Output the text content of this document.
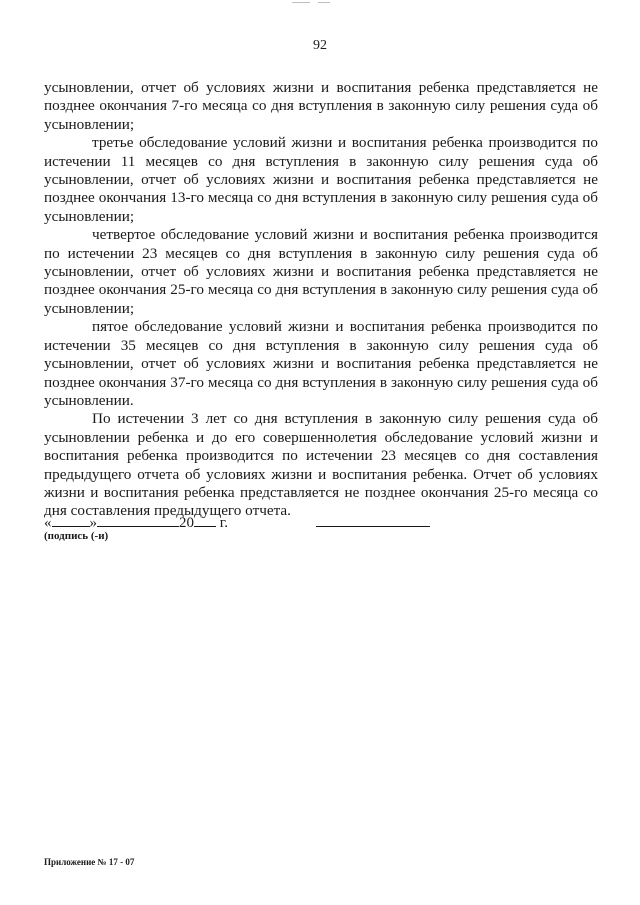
92

усыновлении, отчет об условиях жизни и воспитания ребенка представляется не позднее окончания 7-го месяца со дня вступления в законную силу решения суда об усыновлении;

третье обследование условий жизни и воспитания ребенка производится по истечении 11 месяцев со дня вступления в законную силу решения суда об усыновлении, отчет об условиях жизни и воспитания ребенка представляется не позднее окончания 13-го месяца со дня вступления в законную силу решения суда об усыновлении;

четвертое обследование условий жизни и воспитания ребенка производится по истечении 23 месяцев со дня вступления в законную силу решения суда об усыновлении, отчет об условиях жизни и воспитания ребенка представляется не позднее окончания 25-го месяца со дня вступления в законную силу решения суда об усыновлении;

пятое обследование условий жизни и воспитания ребенка производится по истечении 35 месяцев со дня вступления в законную силу решения суда об усыновлении, отчет об условиях жизни и воспитания ребенка представляется не позднее окончания 37-го месяца со дня вступления в законную силу решения суда об усыновлении.

По истечении 3 лет со дня вступления в законную силу решения суда об усыновлении ребенка и до его совершеннолетия обследование условий жизни и воспитания ребенка производится по истечении 23 месяцев со дня составления предыдущего отчета об условиях жизни и воспитания ребенка. Отчет об условиях жизни и воспитания ребенка представляется не позднее окончания 25-го месяца со дня составления предыдущего отчета.

«	»	20 г.
(подпись (-и)
Приложение № 17 - 07
